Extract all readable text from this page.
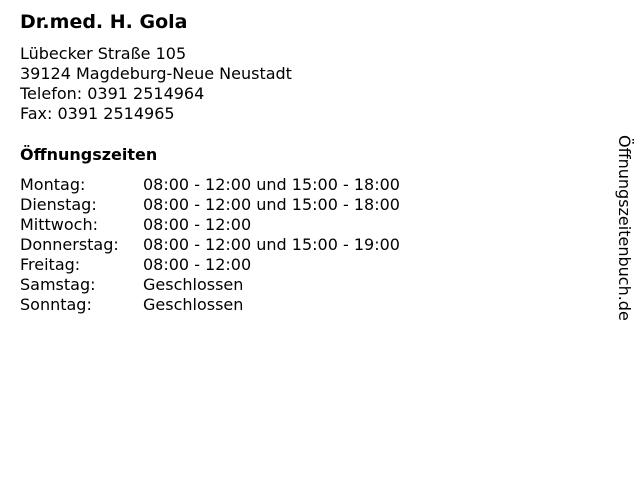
Dr.med. H. Gola
Lübecker Straße 105
39124 Magdeburg-Neue Neustadt
Telefon: 0391 2514964
Fax: 0391 2514965
Öffnungszeiten
Montag:	08:00 - 12:00 und 15:00 - 18:00
Dienstag:	08:00 - 12:00 und 15:00 - 18:00
Mittwoch:	08:00 - 12:00
Donnerstag: 08:00 - 12:00 und 15:00 - 19:00
Freitag:	08:00 - 12:00
Samstag:	Geschlossen
Sonntag:	Geschlossen	Öffnungszeitenbuch.de
